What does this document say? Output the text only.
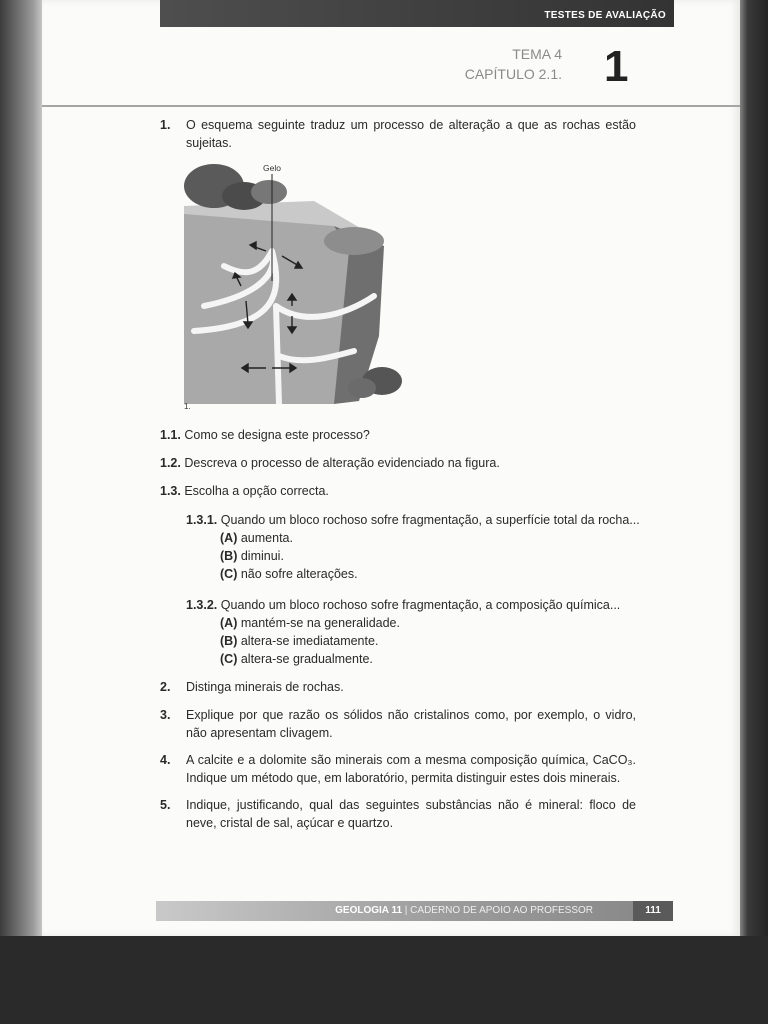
TESTES DE AVALIAÇÃO
TEMA 4
CAPÍTULO 2.1. 1
1. O esquema seguinte traduz um processo de alteração a que as rochas estão sujeitas.
Gelo
1.
1.1. Como se designa este processo?
1.2. Descreva o processo de alteração evidenciado na figura.
1.3. Escolha a opção correcta.
1.3.1. Quando um bloco rochoso sofre fragmentação, a superfície total da rocha...
(A) aumenta.
(B) diminui.
(C) não sofre alterações.
1.3.2. Quando um bloco rochoso sofre fragmentação, a composição química...
(A) mantém-se na generalidade.
(B) altera-se imediatamente.
(C) altera-se gradualmente.
2. Distinga minerais de rochas.
3. Explique por que razão os sólidos não cristalinos como, por exemplo, o vidro, não apresentam clivagem.
4. A calcite e a dolomite são minerais com a mesma composição química, CaCO₃. Indique um método que, em laboratório, permita distinguir estes dois minerais.
5. Indique, justificando, qual das seguintes substâncias não é mineral: floco de neve, cristal de sal, açúcar e quartzo.
GEOLOGIA 11 | CADERNO DE APOIO AO PROFESSOR	111
